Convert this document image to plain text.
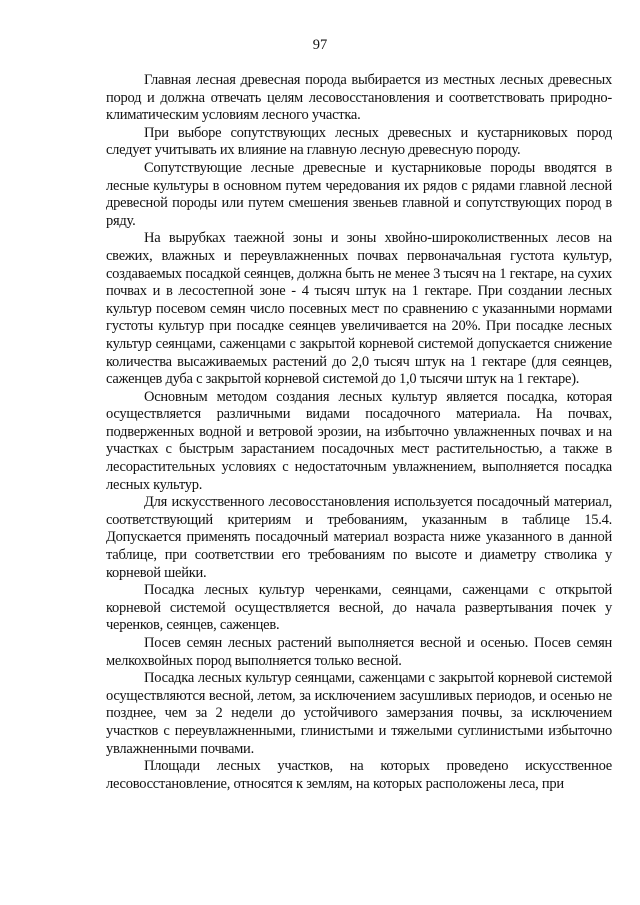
97

Главная лесная древесная порода выбирается из местных лесных древесных пород и должна отвечать целям лесовосстановления и соответствовать природно-климатическим условиям лесного участка.

При выборе сопутствующих лесных древесных и кустарниковых пород следует учитывать их влияние на главную лесную древесную породу.

Сопутствующие лесные древесные и кустарниковые породы вводятся в лесные культуры в основном путем чередования их рядов с рядами главной лесной древесной породы или путем смешения звеньев главной и сопутствующих пород в ряду.

На вырубках таежной зоны и зоны хвойно-широколиственных лесов на свежих, влажных и переувлажненных почвах первоначальная густота культур, создаваемых посадкой сеянцев, должна быть не менее 3 тысяч на 1 гектаре, на сухих почвах и в лесостепной зоне - 4 тысяч штук на 1 гектаре. При создании лесных культур посевом семян число посевных мест по сравнению с указанными нормами густоты культур при посадке сеянцев увеличивается на 20%. При посадке лесных культур сеянцами, саженцами с закрытой корневой системой допускается снижение количества высаживаемых растений до 2,0 тысяч штук на 1 гектаре (для сеянцев, саженцев дуба с закрытой корневой системой до 1,0 тысячи штук на 1 гектаре).

Основным методом создания лесных культур является посадка, которая осуществляется различными видами посадочного материала. На почвах, подверженных водной и ветровой эрозии, на избыточно увлажненных почвах и на участках с быстрым зарастанием посадочных мест растительностью, а также в лесорастительных условиях с недостаточным увлажнением, выполняется посадка лесных культур.

Для искусственного лесовосстановления используется посадочный материал, соответствующий критериям и требованиям, указанным в таблице 15.4. Допускается применять посадочный материал возраста ниже указанного в данной таблице, при соответствии его требованиям по высоте и диаметру стволика у корневой шейки.

Посадка лесных культур черенками, сеянцами, саженцами с открытой корневой системой осуществляется весной, до начала развертывания почек у черенков, сеянцев, саженцев.

Посев семян лесных растений выполняется весной и осенью. Посев семян мелкохвойных пород выполняется только весной.

Посадка лесных культур сеянцами, саженцами с закрытой корневой системой осуществляются весной, летом, за исключением засушливых периодов, и осенью не позднее, чем за 2 недели до устойчивого замерзания почвы, за исключением участков с переувлажненными, глинистыми и тяжелыми суглинистыми избыточно увлажненными почвами.

Площади лесных участков, на которых проведено искусственное лесовосстановление, относятся к землям, на которых расположены леса, при
